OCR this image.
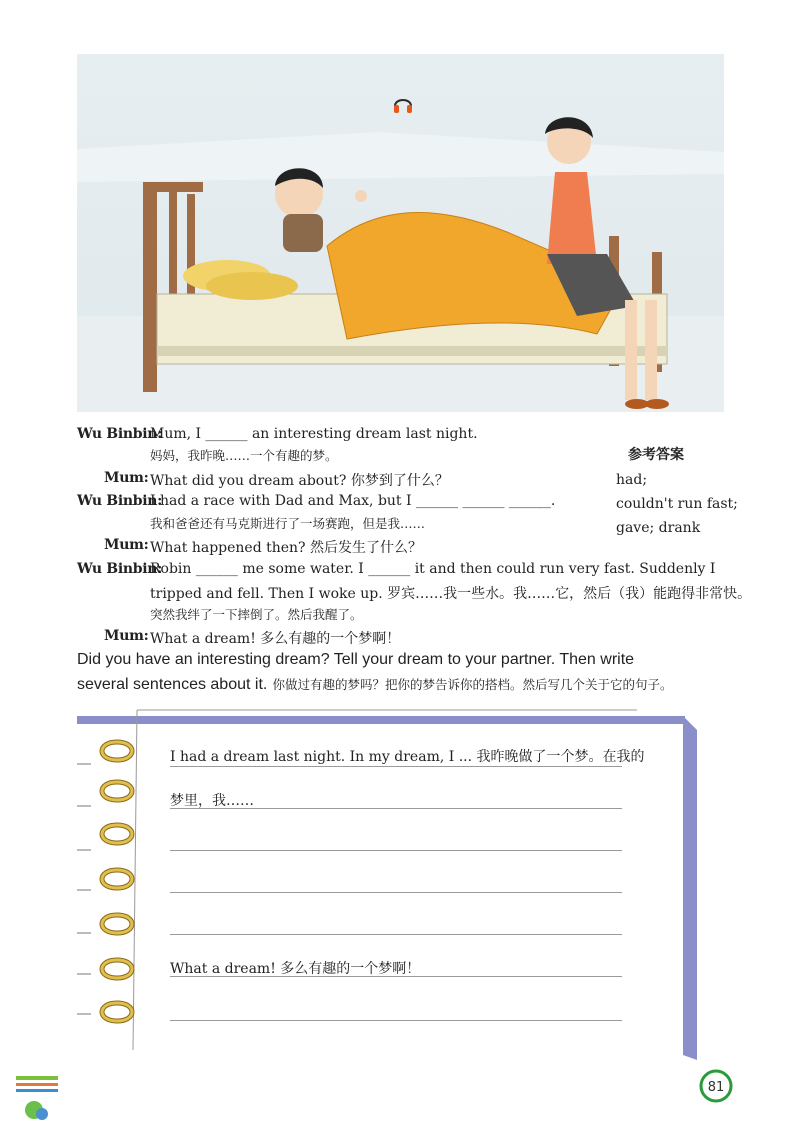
Wu Binbin:
Mum, I ______ an interesting dream last night.
妈妈，我昨晚……一个有趣的梦。
Mum: What did you dream about? 你梦到了什么？
Wu Binbin:
I had a race with Dad and Max, but I ______ ______ ______.
我和爸爸还有马克斯进行了一场赛跑，但是我……
Mum: What happened then? 然后发生了什么？
Wu Binbin:
Robin ______ me some water. I ______ it and then could run very fast. Suddenly I
tripped and fell. Then I woke up. 罗宾……我一些水。我……它，然后（我）能跑得非常快。
突然我绊了一下摔倒了。然后我醒了。
Mum: What a dream! 多么有趣的一个梦啊！
参考答案
had;
couldn't run fast;
gave; drank
Did you have an interesting dream? Tell your dream to your partner. Then write
several sentences about it. 你做过有趣的梦吗？把你的梦告诉你的搭档。然后写几个关于它的句子。
I had a dream last night. In my dream, I ... 我昨晚做了一个梦。在我的
梦里，我……
What a dream! 多么有趣的一个梦啊！
81
